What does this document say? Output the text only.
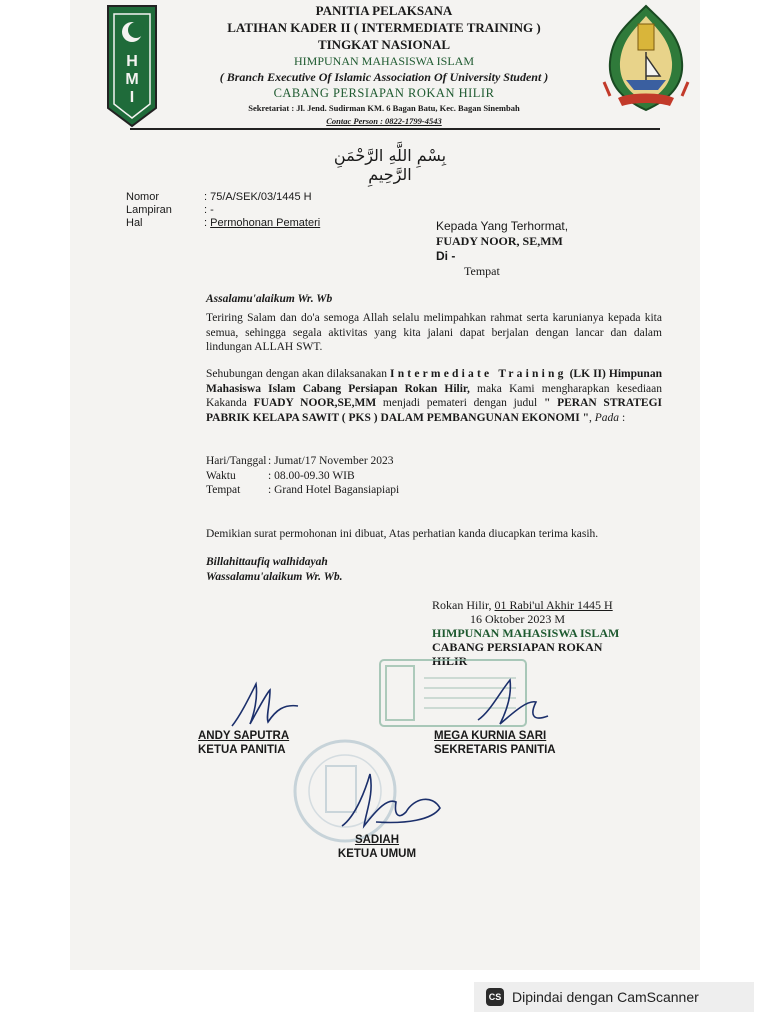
H
M
I
PANITIA PELAKSANA
LATIHAN KADER II ( INTERMEDIATE TRAINING )
TINGKAT NASIONAL
HIMPUNAN MAHASISWA ISLAM
( Branch Executive Of Islamic Association Of University Student )
CABANG PERSIAPAN ROKAN HILIR
Sekretariat : Jl. Jend. Sudirman KM. 6 Bagan Batu, Kec. Bagan Sinembah
Contac Person : 0822-1799-4543
بِسْمِ اللَّهِ الرَّحْمَنِ الرَّحِيمِ
Nomor	: 75/A/SEK/03/1445 H
Lampiran	: -
Hal	: Permohonan Pemateri	Kepada Yang Terhormat,
FUADY NOOR, SE,MM
Di -
Tempat
Assalamu'alaikum Wr. Wb
Teriring Salam dan do'a semoga Allah selalu melimpahkan rahmat serta karunianya kepada kita semua, sehingga segala aktivitas yang kita jalani dapat berjalan dengan lancar dan dalam lindungan ALLAH SWT.
Sehubungan dengan akan dilaksanakan Intermediate Training (LK II) Himpunan Mahasiswa Islam Cabang Persiapan Rokan Hilir, maka Kami mengharapkan kesediaan Kakanda FUADY NOOR,SE,MM menjadi pemateri dengan judul " PERAN STRATEGI PABRIK KELAPA SAWIT ( PKS ) DALAM PEMBANGUNAN EKONOMI ", Pada :
Hari/Tanggal: Jumat/17 November 2023
Waktu	: 08.00-09.30 WIB
Tempat : Grand Hotel Bagansiapiapi
Demikian surat permohonan ini dibuat, Atas perhatian kanda diucapkan terima kasih.
Billahittaufiq walhidayah
Wassalamu'alaikum Wr. Wb.
Rokan Hilir, 01 Rabi'ul Akhir 1445 H
16 Oktober 2023 M
HIMPUNAN MAHASISWA ISLAM
CABANG PERSIAPAN ROKAN
HILIR
ANDY SAPUTRA
KETUA PANITIA
MEGA KURNIA SARI
SEKRETARIS PANITIA
SADIAH
KETUA UMUM
CS Dipindai dengan CamScanner
